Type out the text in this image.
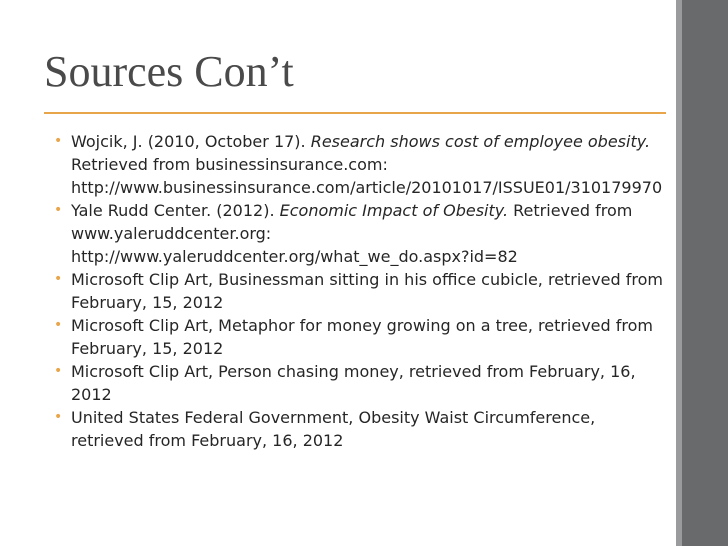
Sources Con’t
• Wojcik, J. (2010, October 17). Research shows cost of employee obesity. Retrieved from businessinsurance.com: http://www.businessinsurance.com/article/20101017/ISSUE01/310179970
• Yale Rudd Center. (2012). Economic Impact of Obesity. Retrieved from www.yaleruddcenter.org: http://www.yaleruddcenter.org/what_we_do.aspx?id=82
• Microsoft Clip Art, Businessman sitting in his office cubicle, retrieved from February, 15, 2012
• Microsoft Clip Art, Metaphor for money growing on a tree, retrieved from February, 15, 2012
• Microsoft Clip Art, Person chasing money, retrieved from February, 16, 2012
• United States Federal Government, Obesity Waist Circumference, retrieved from February, 16, 2012
